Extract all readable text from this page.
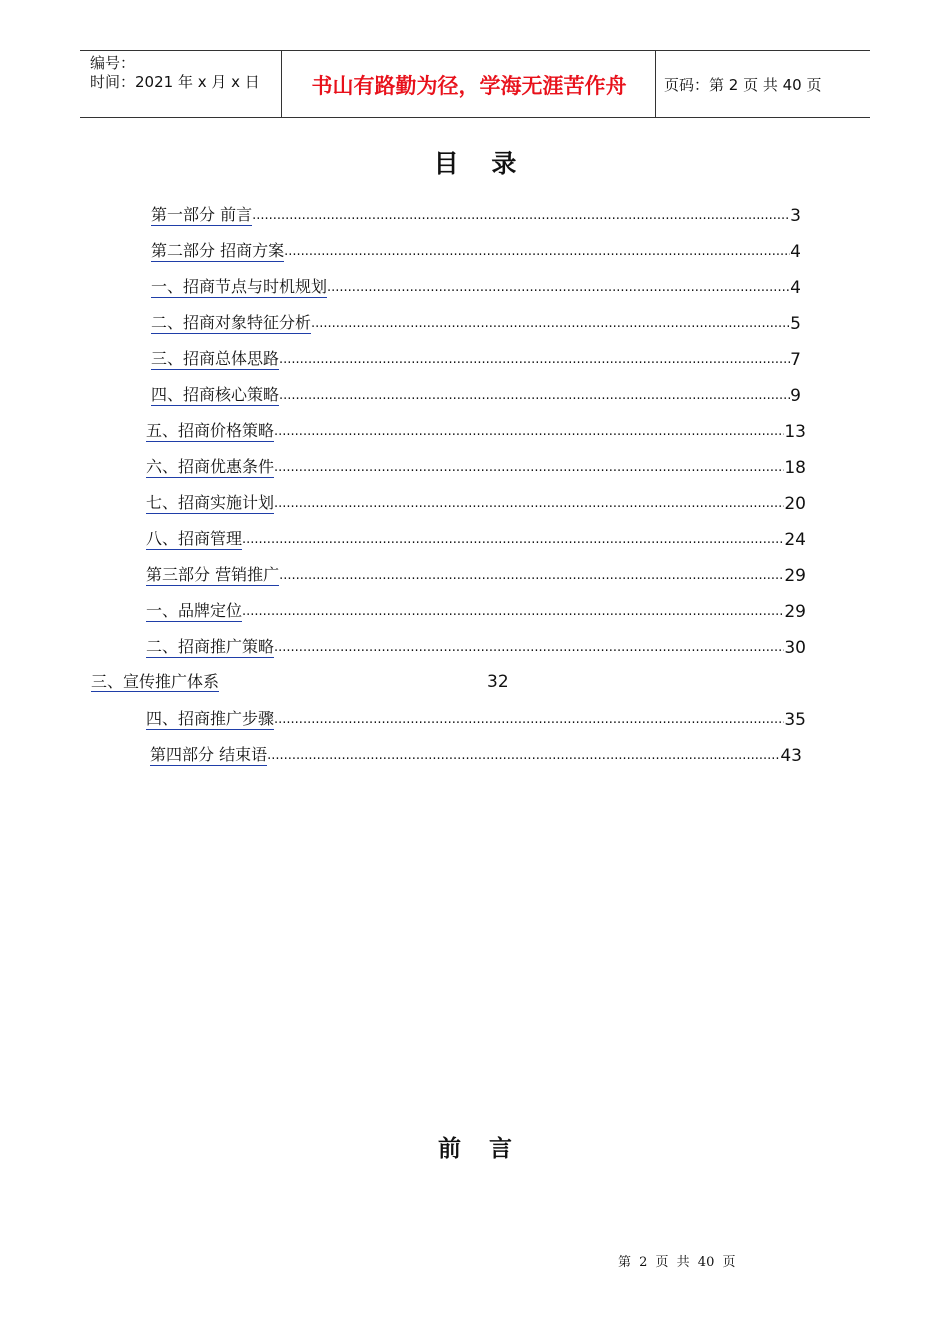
编号：
时间：2021 年 x 月 x 日	书山有路勤为径，学海无涯苦作舟	页码：第 2 页 共 40 页
目 录
第一部分 前言 .....	3
第二部分 招商方案 .....	4
一、招商节点与时机规划 .....	4
二、招商对象特征分析 .....	5
三、招商总体思路 .....	7
四、招商核心策略 .....	9
五、招商价格策略 .....	13
六、招商优惠条件 .....	18
七、招商实施计划 .....	20
八、招商管理 .....	24
第三部分 营销推广 .....	29
一、品牌定位 .....	29
二、招商推广策略 .....	30
三、宣传推广体系	32
四、招商推广步骤 .....	35
第四部分 结束语 .....	43
前 言
第 2 页 共 40 页
